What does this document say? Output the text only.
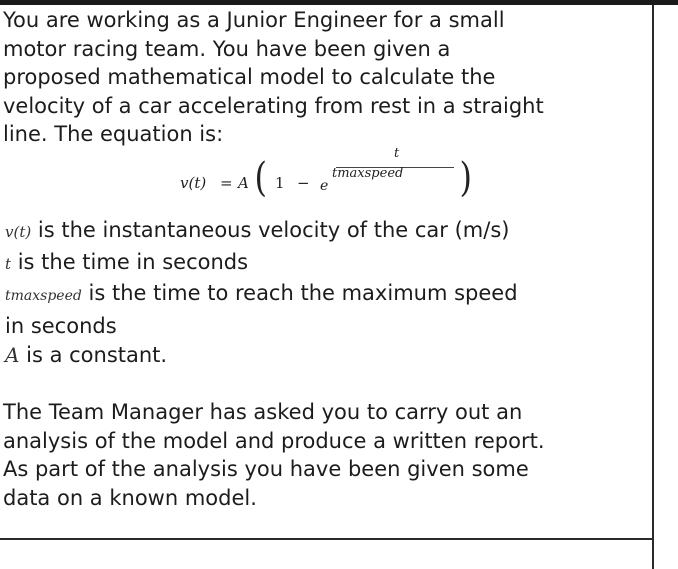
You are working as a Junior Engineer for a small
motor racing team. You have been given a
proposed mathematical model to calculate the
velocity of a car accelerating from rest in a straight
line. The equation is:

v(t) = A ( 1 − e
t
tmaxspeed )
v(t) is the instantaneous velocity of the car (m/s)
t is the time in seconds
tmaxspeed is the time to reach the maximum speed
in seconds
A is a constant.

The Team Manager has asked you to carry out an
analysis of the model and produce a written report.
As part of the analysis you have been given some
data on a known model.
